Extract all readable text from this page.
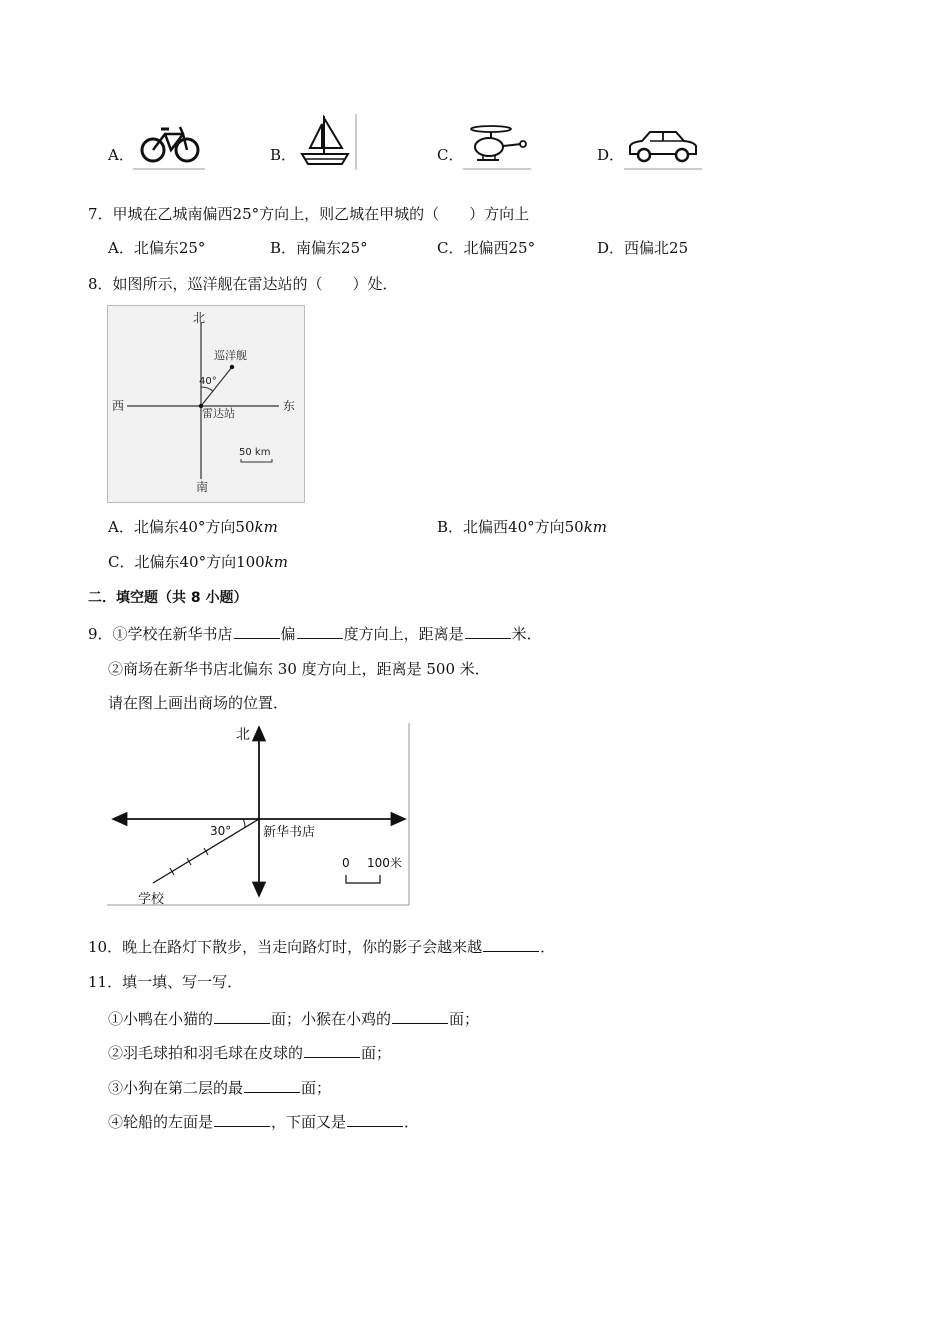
A．	B．	C．	D．
7．甲城在乙城南偏西25°方向上，则乙城在甲城的（　　）方向上
A．北偏东25°	B．南偏东25°	C．北偏西25°	D．西偏北25
8．如图所示，巡洋舰在雷达站的（　　）处．
北
南
西	东
巡洋舰
雷达站
40°
50 km
A．北偏东40°方向50km	B．北偏西40°方向50km
C．北偏东40°方向100km
二．填空题（共 8 小题）
9．①学校在新华书店	偏	度方向上，距离是	米．
②商场在新华书店北偏东 30 度方向上，距离是 500 米．
请在图上画出商场的位置．
北
新华书店
学校
30°
0 100米
10．晚上在路灯下散步，当走向路灯时，你的影子会越来越	．
11．填一填、写一写．
①小鸭在小猫的	面；小猴在小鸡的	面；
②羽毛球拍和羽毛球在皮球的	面；
③小狗在第二层的最	面；
④轮船的左面是	，下面又是	．
